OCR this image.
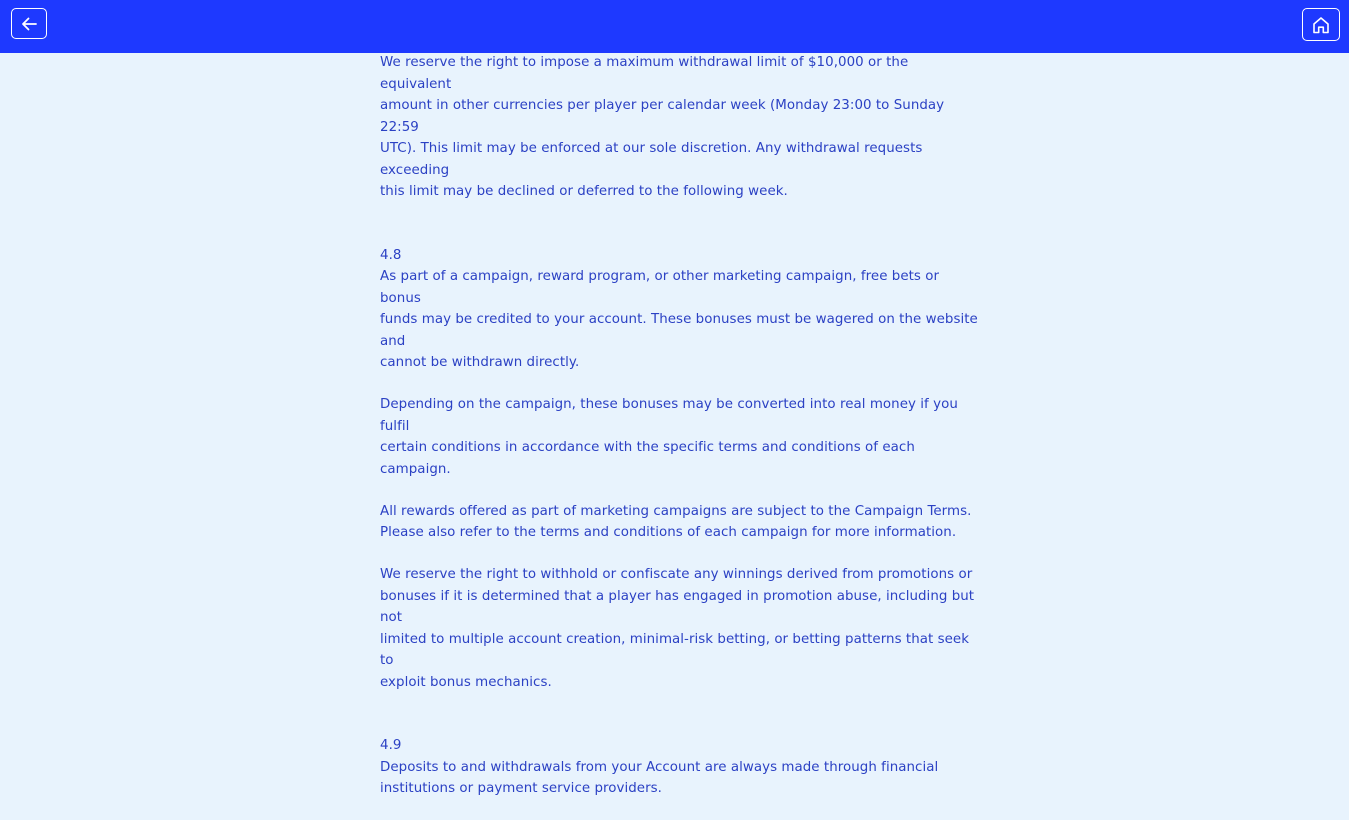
We reserve the right to impose a maximum withdrawal limit of $10,000 or the equivalent
amount in other currencies per player per calendar week (Monday 23:00 to Sunday 22:59
UTC). This limit may be enforced at our sole discretion. Any withdrawal requests exceeding
this limit may be declined or deferred to the following week.

4.8
As part of a campaign, reward program, or other marketing campaign, free bets or bonus
funds may be credited to your account. These bonuses must be wagered on the website and
cannot be withdrawn directly.

Depending on the campaign, these bonuses may be converted into real money if you fulfil
certain conditions in accordance with the specific terms and conditions of each campaign.

All rewards offered as part of marketing campaigns are subject to the Campaign Terms.
Please also refer to the terms and conditions of each campaign for more information.

We reserve the right to withhold or confiscate any winnings derived from promotions or
bonuses if it is determined that a player has engaged in promotion abuse, including but not
limited to multiple account creation, minimal-risk betting, or betting patterns that seek to
exploit bonus mechanics.

4.9
Deposits to and withdrawals from your Account are always made through financial
institutions or payment service providers.
